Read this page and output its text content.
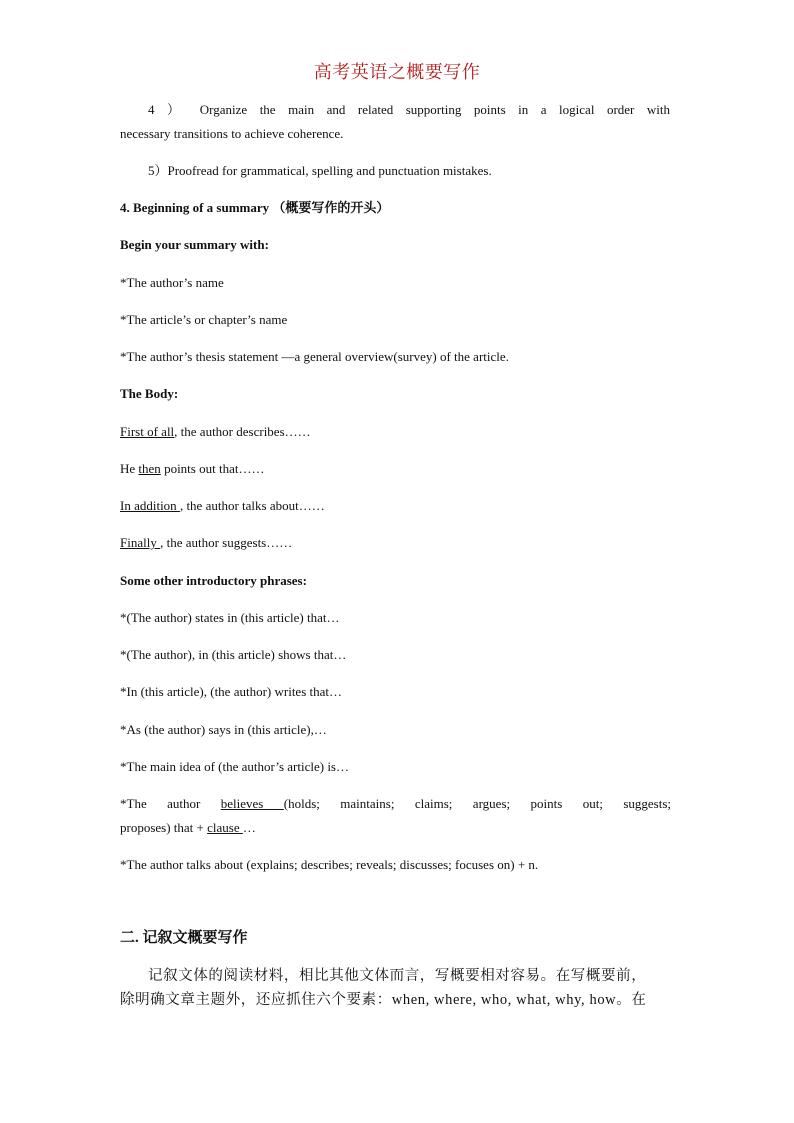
高考英语之概要写作
4 ） Organize the main and related supporting points in a logical order with
necessary transitions to achieve coherence.
5）Proofread for grammatical, spelling and punctuation mistakes.
4. Beginning of a summary （概要写作的开头）
Begin your summary with:
*The author’s name
*The article’s or chapter’s name
*The author’s thesis statement —a general overview(survey) of the article.
The Body:
First of all, the author describes……
He then points out that……
In addition , the author talks about……
Finally , the author suggests……
Some other introductory phrases:
*(The author) states in (this article) that…
*(The author), in (this article) shows that…
*In (this article), (the author) writes that…
*As (the author) says in (this article),…
*The main idea of (the author’s article) is…
*The author believes (holds; maintains; claims; argues; points out; suggests;
proposes) that + clause …
*The author talks about (explains; describes; reveals; discusses; focuses on) + n.
二. 记叙文概要写作
记叙文体的阅读材料，相比其他文体而言，写概要相对容易。在写概要前，
除明确文章主题外，还应抓住六个要素：when, where, who, what, why, how。在
